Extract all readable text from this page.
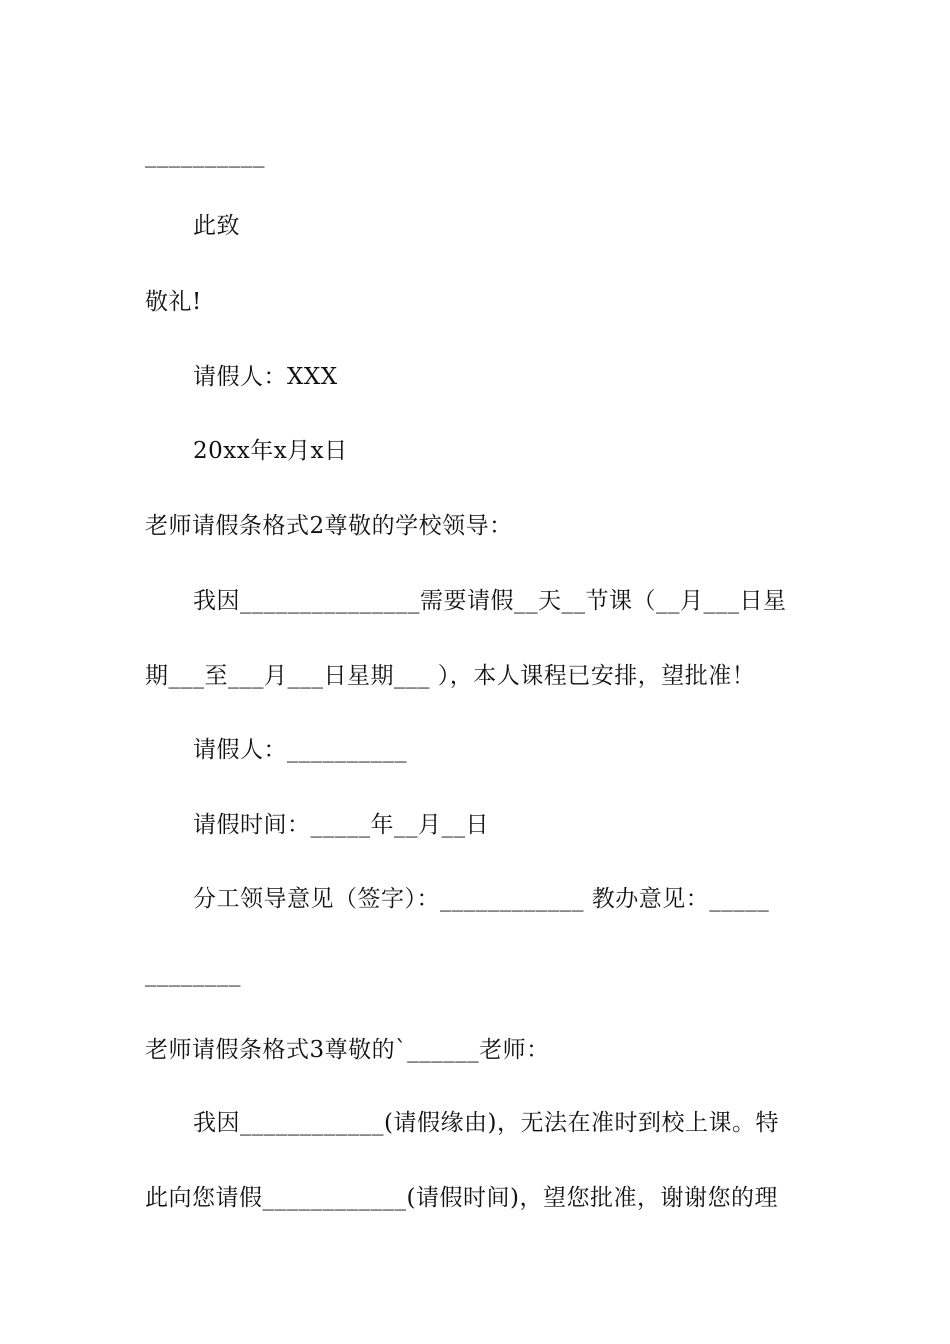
__________
此致
敬礼!
请假人：XXX
20xx年x月x日
老师请假条格式2尊敬的学校领导：
我因_______________需要请假__天__节课（__月___日星
期___至___月___日星期___ ），本人课程已安排，望批准！
请假人：__________
请假时间：_____年__月__日
分工领导意见（签字）：____________ 教办意见：_____
________
老师请假条格式3尊敬的`______老师：
我因____________(请假缘由)，无法在准时到校上课。特
此向您请假____________(请假时间)，望您批准，谢谢您的理
